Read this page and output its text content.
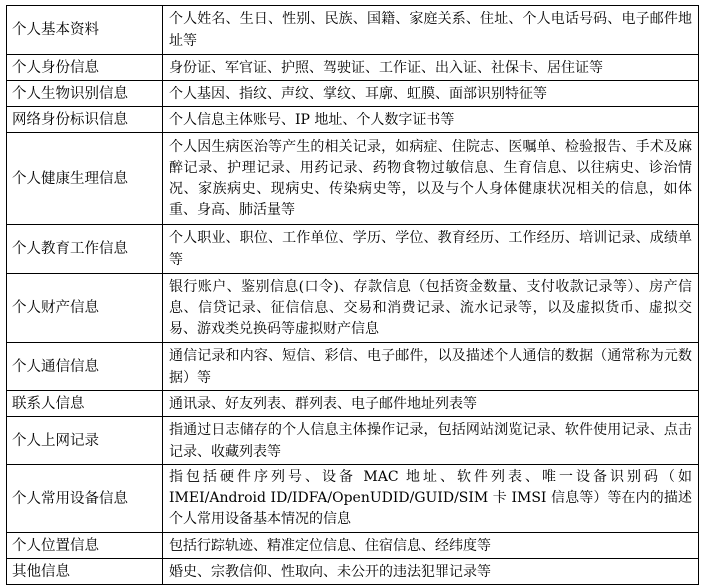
个人基本资料	个人姓名、生日、性别、民族、国籍、家庭关系、住址、个人电话号码、电子邮件地址等
个人身份信息	身份证、军官证、护照、驾驶证、工作证、出入证、社保卡、居住证等
个人生物识别信息	个人基因、指纹、声纹、掌纹、耳廓、虹膜、面部识别特征等
网络身份标识信息	个人信息主体账号、IP 地址、个人数字证书等
个人健康生理信息	个人因生病医治等产生的相关记录，如病症、住院志、医嘱单、检验报告、手术及麻醉记录、护理记录、用药记录、药物食物过敏信息、生育信息、以往病史、诊治情况、家族病史、现病史、传染病史等，以及与个人身体健康状况相关的信息，如体重、身高、肺活量等
个人教育工作信息	个人职业、职位、工作单位、学历、学位、教育经历、工作经历、培训记录、成绩单等
个人财产信息	银行账户、鉴别信息(口令)、存款信息（包括资金数量、支付收款记录等）、房产信息、信贷记录、征信信息、交易和消费记录、流水记录等，以及虚拟货币、虚拟交易、游戏类兑换码等虚拟财产信息
个人通信信息	通信记录和内容、短信、彩信、电子邮件，以及描述个人通信的数据（通常称为元数据）等
联系人信息	通讯录、好友列表、群列表、电子邮件地址列表等
个人上网记录	指通过日志储存的个人信息主体操作记录，包括网站浏览记录、软件使用记录、点击记录、收藏列表等
个人常用设备信息	指包括硬件序列号、设备 MAC 地址、软件列表、唯一设备识别码（如 IMEI/Android ID/IDFA/OpenUDID/GUID/SIM 卡 IMSI 信息等）等在内的描述个人常用设备基本情况的信息
个人位置信息	包括行踪轨迹、精准定位信息、住宿信息、经纬度等
其他信息	婚史、宗教信仰、性取向、未公开的违法犯罪记录等
